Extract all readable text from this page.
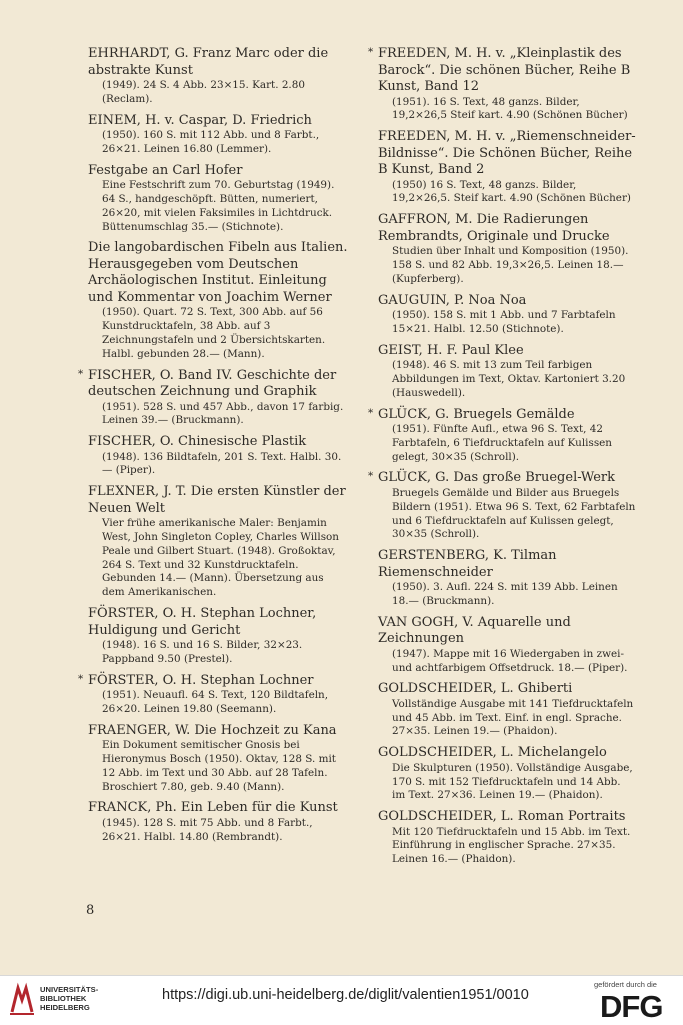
EHRHARDT, G. Franz Marc oder die abstrakte Kunst
(1949). 24 S. 4 Abb. 23×15. Kart. 2.80 (Reclam).
EINEM, H. v. Caspar, D. Friedrich
(1950). 160 S. mit 112 Abb. und 8 Farbt., 26×21. Leinen 16.80 (Lemmer).
Festgabe an Carl Hofer
Eine Festschrift zum 70. Geburtstag (1949). 64 S., handgeschöpft. Bütten, numeriert, 26×20, mit vielen Faksimiles in Lichtdruck. Büttenumschlag 35.— (Stichnote).
Die langobardischen Fibeln aus Italien. Herausgegeben vom Deutschen Archäologischen Institut. Einleitung und Kommentar von Joachim Werner
(1950). Quart. 72 S. Text, 300 Abb. auf 56 Kunstdrucktafeln, 38 Abb. auf 3 Zeichnungstafeln und 2 Übersichtskarten. Halbl. gebunden 28.— (Mann).
* FISCHER, O. Band IV. Geschichte der deutschen Zeichnung und Graphik
(1951). 528 S. und 457 Abb., davon 17 farbig. Leinen 39.— (Bruckmann).
FISCHER, O. Chinesische Plastik
(1948). 136 Bildtafeln, 201 S. Text. Halbl. 30.— (Piper).
FLEXNER, J. T. Die ersten Künstler der Neuen Welt
Vier frühe amerikanische Maler: Benjamin West, John Singleton Copley, Charles Willson Peale und Gilbert Stuart. (1948). Großoktav, 264 S. Text und 32 Kunstdrucktafeln. Gebunden 14.— (Mann). Übersetzung aus dem Amerikanischen.
FÖRSTER, O. H. Stephan Lochner, Huldigung und Gericht
(1948). 16 S. und 16 S. Bilder, 32×23. Pappband 9.50 (Prestel).
* FÖRSTER, O. H. Stephan Lochner
(1951). Neuaufl. 64 S. Text, 120 Bildtafeln, 26×20. Leinen 19.80 (Seemann).
FRAENGER, W. Die Hochzeit zu Kana
Ein Dokument semitischer Gnosis bei Hieronymus Bosch (1950). Oktav, 128 S. mit 12 Abb. im Text und 30 Abb. auf 28 Tafeln. Broschiert 7.80, geb. 9.40 (Mann).
FRANCK, Ph. Ein Leben für die Kunst
(1945). 128 S. mit 75 Abb. und 8 Farbt., 26×21. Halbl. 14.80 (Rembrandt).
* FREEDEN, M. H. v. „Kleinplastik des Barock“. Die schönen Bücher, Reihe B Kunst, Band 12
(1951). 16 S. Text, 48 ganzs. Bilder, 19,2×26,5 Steif kart. 4.90 (Schönen Bücher)
FREEDEN, M. H. v. „Riemenschneider-Bildnisse“. Die Schönen Bücher, Reihe B Kunst, Band 2
(1950) 16 S. Text, 48 ganzs. Bilder, 19,2×26,5. Steif kart. 4.90 (Schönen Bücher)
GAFFRON, M. Die Radierungen Rembrandts, Originale und Drucke
Studien über Inhalt und Komposition (1950). 158 S. und 82 Abb. 19,3×26,5. Leinen 18.— (Kupferberg).
GAUGUIN, P. Noa Noa
(1950). 158 S. mit 1 Abb. und 7 Farbtafeln 15×21. Halbl. 12.50 (Stichnote).
GEIST, H. F. Paul Klee
(1948). 46 S. mit 13 zum Teil farbigen Abbildungen im Text, Oktav. Kartoniert 3.20 (Hauswedell).
* GLÜCK, G. Bruegels Gemälde
(1951). Fünfte Aufl., etwa 96 S. Text, 42 Farbtafeln, 6 Tiefdrucktafeln auf Kulissen gelegt, 30×35 (Schroll).
* GLÜCK, G. Das große Bruegel-Werk
Bruegels Gemälde und Bilder aus Bruegels Bildern (1951). Etwa 96 S. Text, 62 Farbtafeln und 6 Tiefdrucktafeln auf Kulissen gelegt, 30×35 (Schroll).
GERSTENBERG, K. Tilman Riemenschneider
(1950). 3. Aufl. 224 S. mit 139 Abb. Leinen 18.— (Bruckmann).
VAN GOGH, V. Aquarelle und Zeichnungen
(1947). Mappe mit 16 Wiedergaben in zwei- und achtfarbigem Offsetdruck. 18.— (Piper).
GOLDSCHEIDER, L. Ghiberti
Vollständige Ausgabe mit 141 Tiefdrucktafeln und 45 Abb. im Text. Einf. in engl. Sprache. 27×35. Leinen 19.— (Phaidon).
GOLDSCHEIDER, L. Michelangelo
Die Skulpturen (1950). Vollständige Ausgabe, 170 S. mit 152 Tiefdrucktafeln und 14 Abb. im Text. 27×36. Leinen 19.— (Phaidon).
GOLDSCHEIDER, L. Roman Portraits
Mit 120 Tiefdrucktafeln und 15 Abb. im Text. Einführung in englischer Sprache. 27×35. Leinen 16.— (Phaidon).
8
UNIVERSITÄTS-
BIBLIOTHEK
HEIDELBERG
https://digi.ub.uni-heidelberg.de/diglit/valentien1951/0010
gefördert durch die
DFG
